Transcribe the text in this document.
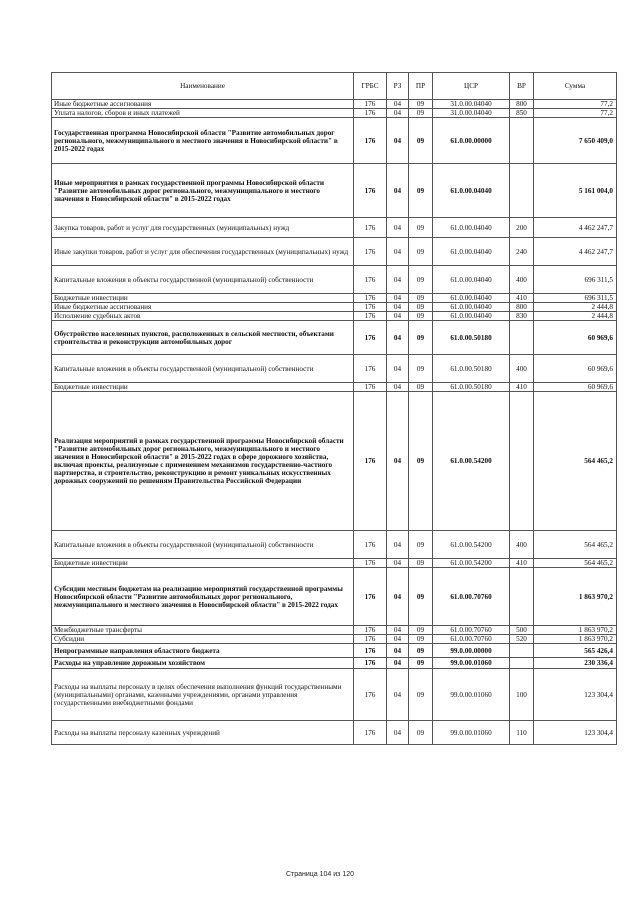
Наименование	ГРБС	РЗ	ПР	ЦСР	ВР	Сумма
Иные бюджетные ассигнования	176	04	09	31.0.00.04040	800	77,2
Уплата налогов, сборов и иных платежей	176	04	09	31.0.00.04040	850	77,2
Государственная программа Новосибирской области "Развитие автомобильных дорог регионального, межмуниципального и местного значения в Новосибирской области" в 2015-2022 годах	176	04	09	61.0.00.00000		7 650 409,0
Иные мероприятия в рамках государственной программы Новосибирской области "Развитие автомобильных дорог регионального, межмуниципального и местного значения в Новосибирской области" в 2015-2022 годах	176	04	09	61.0.00.04040		5 161 004,0
Закупка товаров, работ и услуг для государственных (муниципальных) нужд	176	04	09	61.0.00.04040	200	4 462 247,7
Иные закупки товаров, работ и услуг для обеспечения государственных (муниципальных) нужд	176	04	09	61.0.00.04040	240	4 462 247,7
Капитальные вложения в объекты государственной (муниципальной) собственности	176	04	09	61.0.00.04040	400	696 311,5
Бюджетные инвестиции	176	04	09	61.0.00.04040	410	696 311,5
Иные бюджетные ассигнования	176	04	09	61.0.00.04040	800	2 444,8
Исполнение судебных актов	176	04	09	61.0.00.04040	830	2 444,8
Обустройство населенных пунктов, расположенных в сельской местности, объектами строительства и реконструкции автомобильных дорог	176	04	09	61.0.00.50180		60 969,6
Капитальные вложения в объекты государственной (муниципальной) собственности	176	04	09	61.0.00.50180	400	60 969,6
Бюджетные инвестиции	176	04	09	61.0.00.50180	410	60 969,6
Реализация мероприятий в рамках государственной программы Новосибирской области "Развитие автомобильных дорог регионального, межмуниципального и местного значения в Новосибирской области" в 2015-2022 годах в сфере дорожного хозяйства, включая проекты, реализуемые с применением механизмов государственно-частного партнерства, и строительство, реконструкцию и ремонт уникальных искусственных дорожных сооружений по решениям Правительства Российской Федерации	176	04	09	61.0.00.54200		564 465,2
Капитальные вложения в объекты государственной (муниципальной) собственности	176	04	09	61.0.00.54200	400	564 465,2
Бюджетные инвестиции	176	04	09	61.0.00.54200	410	564 465,2
Субсидии местным бюджетам на реализацию мероприятий государственной программы Новосибирской области "Развитие автомобильных дорог регионального, межмуниципального и местного значения в Новосибирской области" в 2015-2022 годах	176	04	09	61.0.00.70760		1 863 970,2
Межбюджетные трансферты	176	04	09	61.0.00.70760	500	1 863 970,2
Субсидии	176	04	09	61.0.00.70760	520	1 863 970,2
Непрограммные направления областного бюджета	176	04	09	99.0.00.00000		565 426,4
Расходы на управление дорожным хозяйством	176	04	09	99.0.00.01060		230 336,4
Расходы на выплаты персоналу в целях обеспечения выполнения функций государственными (муниципальными) органами, казенными учреждениями, органами управления государственными внебюджетными фондами	176	04	09	99.0.00.01060	100	123 304,4
Расходы на выплаты персоналу казенных учреждений	176	04	09	99.0.00.01060	110	123 304,4
Страница 104 из 120
